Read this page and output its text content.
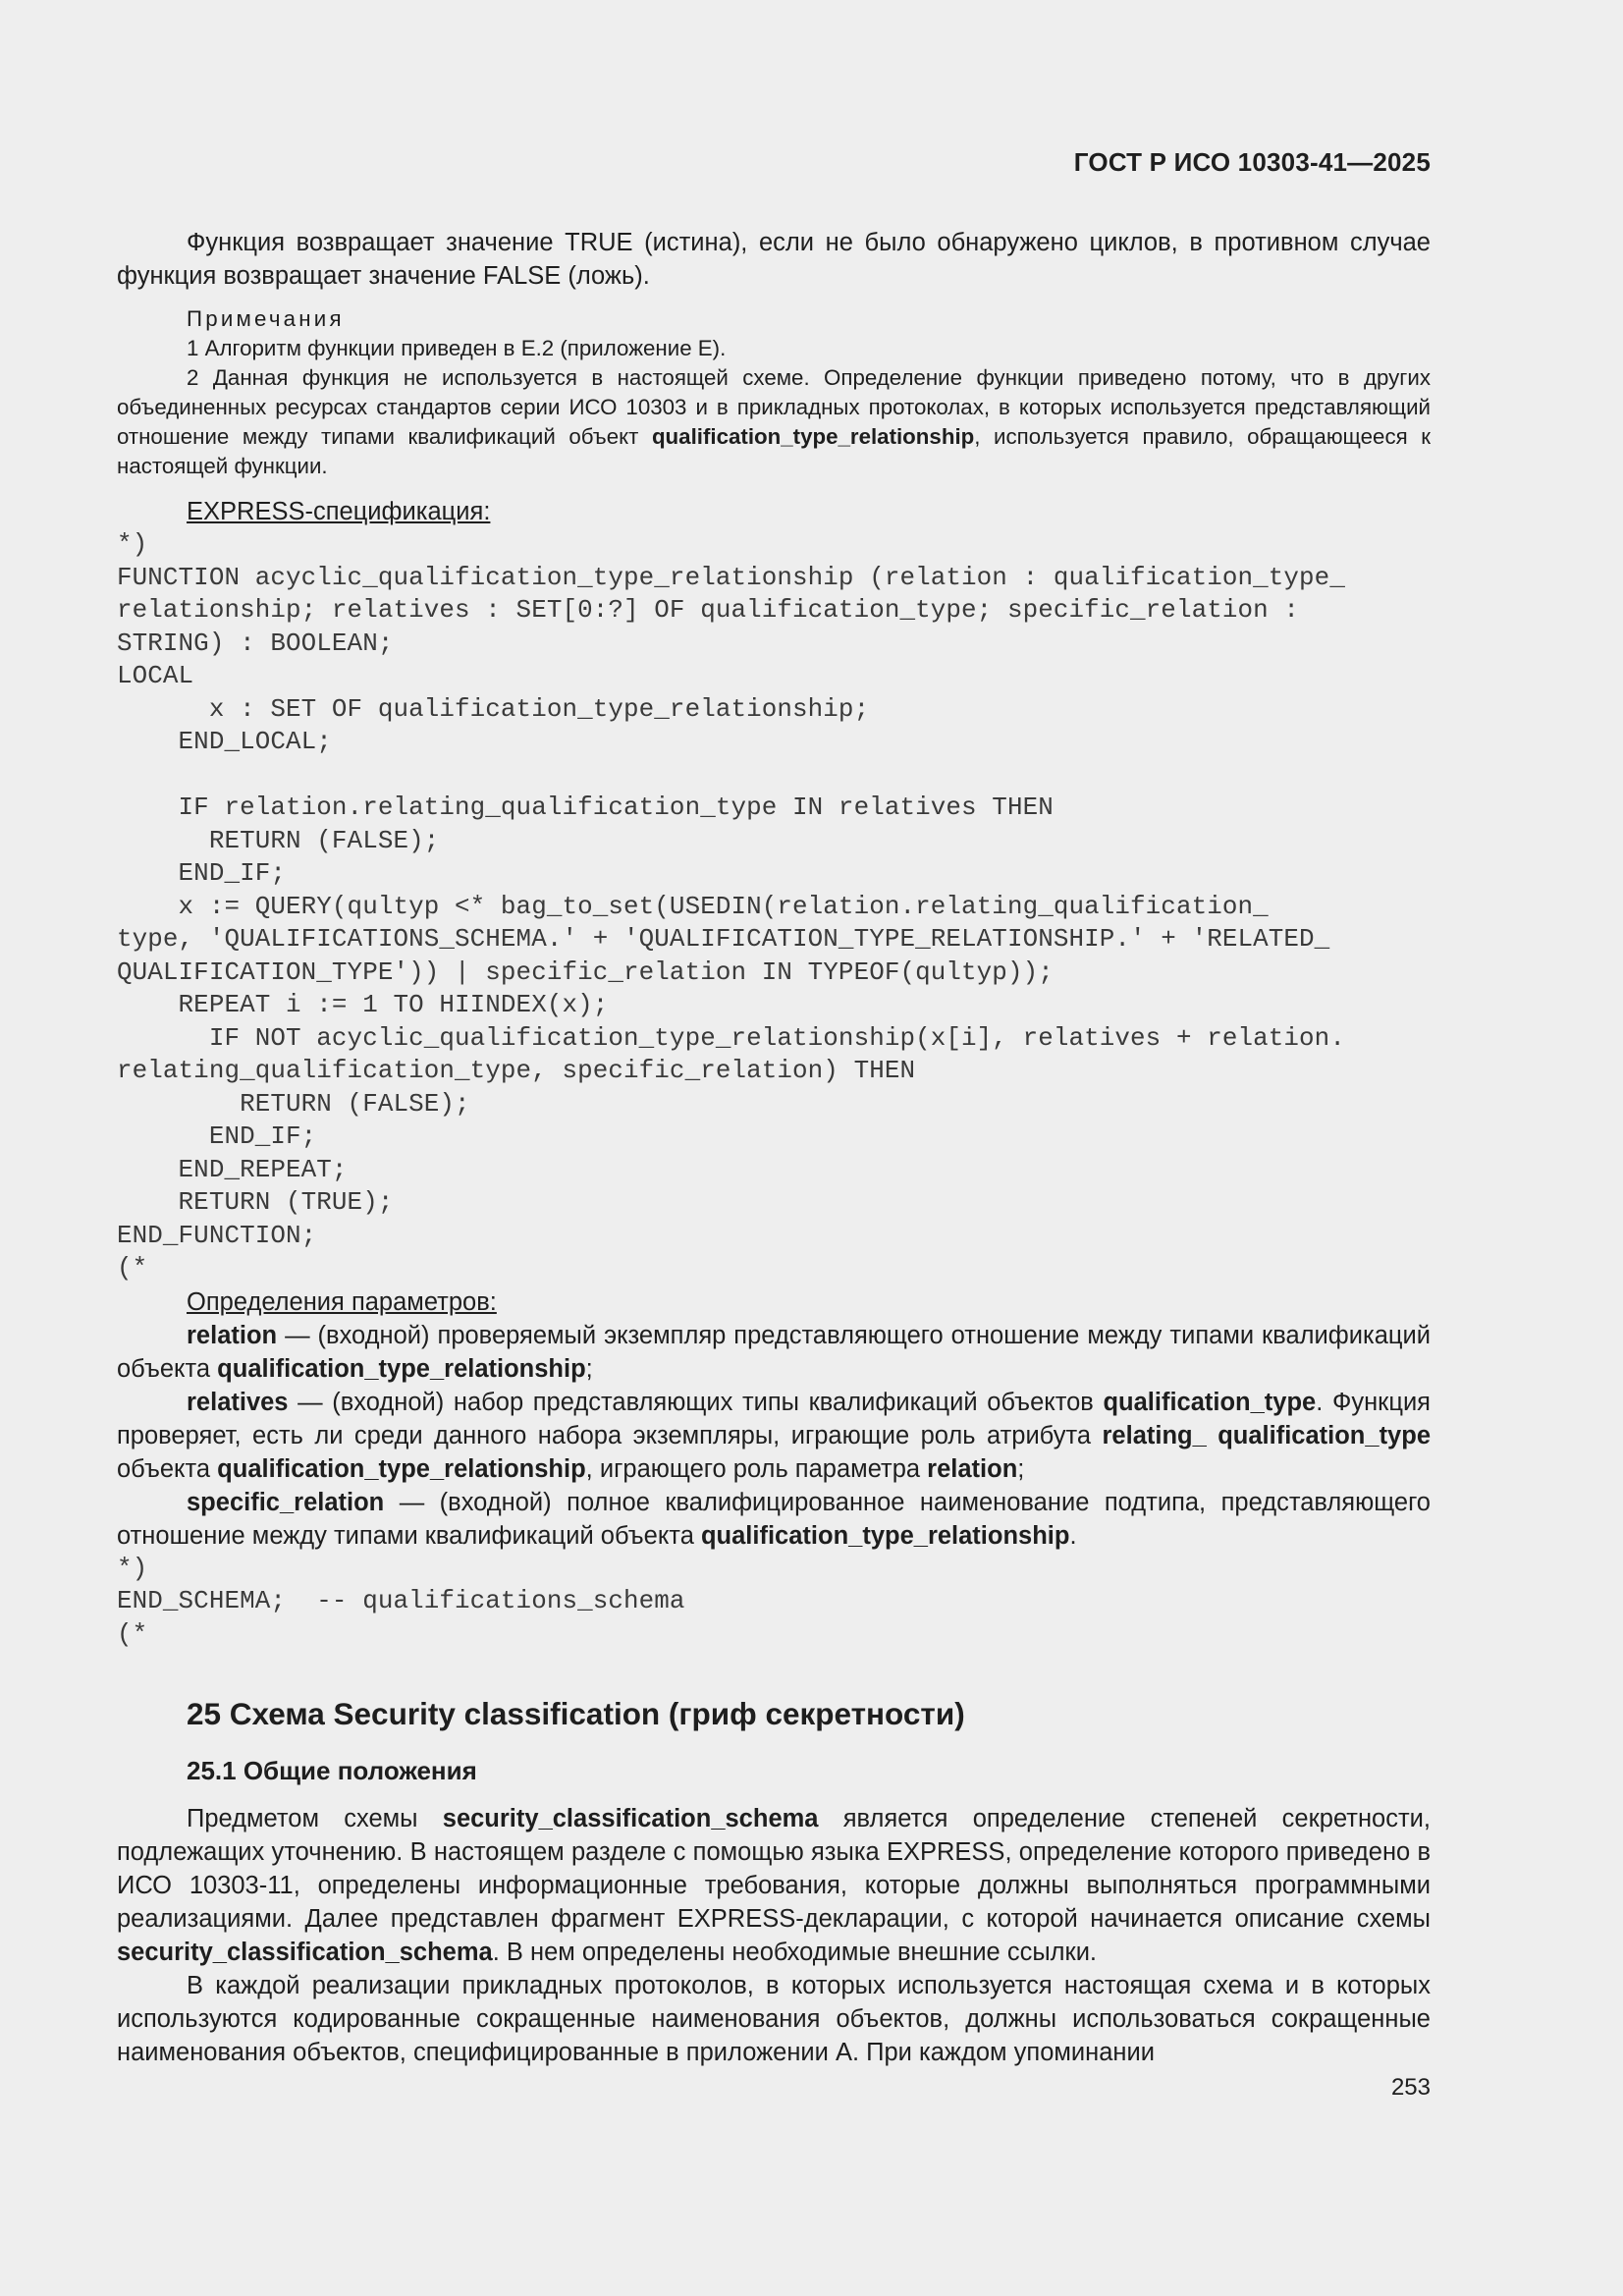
ГОСТ Р ИСО 10303-41—2025

Функция возвращает значение TRUE (истина), если не было обнаружено циклов, в противном случае функция возвращает значение FALSE (ложь).

Примечания

1 Алгоритм функции приведен в E.2 (приложение E).

2 Данная функция не используется в настоящей схеме. Определение функции приведено потому, что в других объединенных ресурсах стандартов серии ИСО 10303 и в прикладных протоколах, в которых используется представляющий отношение между типами квалификаций объект qualification_type_relationship, используется правило, обращающееся к настоящей функции.

EXPRESS-спецификация:

*)
FUNCTION acyclic_qualification_type_relationship (relation : qualification_type_
relationship; relatives : SET[0:?] OF qualification_type; specific_relation :
STRING) : BOOLEAN;
LOCAL
x : SET OF qualification_type_relationship;
END_LOCAL;

IF relation.relating_qualification_type IN relatives THEN
RETURN (FALSE);
END_IF;
x := QUERY(qultyp <* bag_to_set(USEDIN(relation.relating_qualification_
type, 'QUALIFICATIONS_SCHEMA.' + 'QUALIFICATION_TYPE_RELATIONSHIP.' + 'RELATED_
QUALIFICATION_TYPE')) | specific_relation IN TYPEOF(qultyp));
REPEAT i := 1 TO HIINDEX(x);
IF NOT acyclic_qualification_type_relationship(x[i], relatives + relation.
relating_qualification_type, specific_relation) THEN
RETURN (FALSE);
END_IF;
END_REPEAT;
RETURN (TRUE);
END_FUNCTION;
(*

Определения параметров:

relation — (входной) проверяемый экземпляр представляющего отношение между типами квалификаций объекта qualification_type_relationship;

relatives — (входной) набор представляющих типы квалификаций объектов qualification_type. Функция проверяет, есть ли среди данного набора экземпляры, играющие роль атрибута relating_ qualification_type объекта qualification_type_relationship, играющего роль параметра relation;

specific_relation — (входной) полное квалифицированное наименование подтипа, представляющего отношение между типами квалификаций объекта qualification_type_relationship.

*)
END_SCHEMA;  -- qualifications_schema
(*

25 Схема Security classification (гриф секретности)

25.1 Общие положения

Предметом схемы security_classification_schema является определение степеней секретности, подлежащих уточнению. В настоящем разделе с помощью языка EXPRESS, определение которого приведено в ИСО 10303-11, определены информационные требования, которые должны выполняться программными реализациями. Далее представлен фрагмент EXPRESS-декларации, с которой начинается описание схемы security_classification_schema. В нем определены необходимые внешние ссылки.

В каждой реализации прикладных протоколов, в которых используется настоящая схема и в которых используются кодированные сокращенные наименования объектов, должны использоваться сокращенные наименования объектов, специфицированные в приложении А. При каждом упоминании

253
